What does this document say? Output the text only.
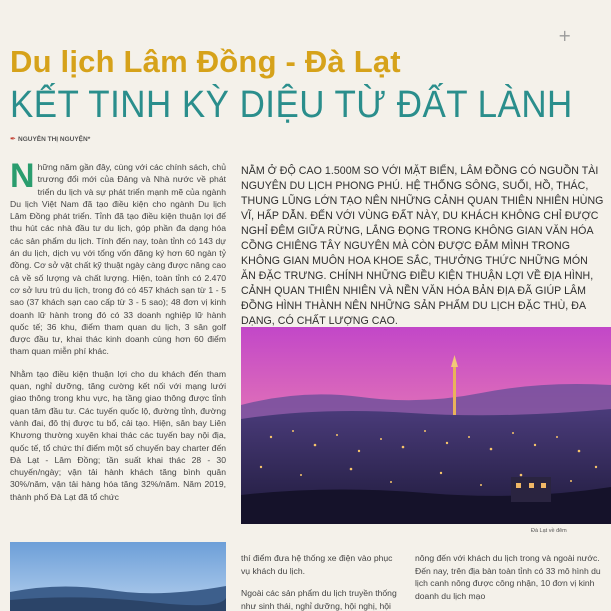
+
Du lịch Lâm Đồng - Đà Lạt
KẾT TINH KỲ DIỆU TỪ ĐẤT LÀNH
✒ NGUYỄN THỊ NGUYỆN*

Những năm gần đây, cùng với các chính sách, chủ trương đổi mới của Đảng và Nhà nước về phát triển du lịch và sự phát triển mạnh mẽ của ngành Du lịch Việt Nam đã tạo điều kiện cho ngành Du lịch Lâm Đồng phát triển. Tỉnh đã tạo điều kiện thuận lợi để thu hút các nhà đầu tư du lịch, góp phần đa dạng hóa các sản phẩm du lịch. Tính đến nay, toàn tỉnh có 143 dự án du lịch, dịch vụ với tổng vốn đăng ký hơn 60 ngàn tỷ đồng. Cơ sở vật chất kỹ thuật ngày càng được nâng cao cả về số lượng và chất lượng. Hiện, toàn tỉnh có 2.470 cơ sở lưu trú du lịch, trong đó có 457 khách sạn từ 1 - 5 sao (37 khách sạn cao cấp từ 3 - 5 sao); 48 đơn vị kinh doanh lữ hành trong đó có 33 doanh nghiệp lữ hành quốc tế; 36 khu, điểm tham quan du lịch, 3 sân golf được đầu tư, khai thác kinh doanh cùng hơn 60 điểm tham quan miễn phí khác.

Nhằm tạo điều kiện thuận lợi cho du khách đến tham quan, nghỉ dưỡng, tăng cường kết nối với mạng lưới giao thông trong khu vực, hạ tầng giao thông được tỉnh quan tâm đầu tư. Các tuyến quốc lộ, đường tỉnh, đường vành đai, đô thị được tu bổ, cải tạo. Hiện, sân bay Liên Khương thường xuyên khai thác các tuyến bay nội địa, quốc tế, tổ chức thí điểm một số chuyến bay charter đến Đà Lạt - Lâm Đồng; tần suất khai thác 28 - 30 chuyến/ngày; vận tải hành khách tăng bình quân 30%/năm, vận tải hàng hóa tăng 32%/năm. Năm 2019, thành phố Đà Lạt đã tổ chức

NẰM Ở ĐỘ CAO 1.500M SO VỚI MẶT BIỂN, LÂM ĐỒNG CÓ NGUỒN TÀI NGUYÊN DU LỊCH PHONG PHÚ. HỆ THỐNG SÔNG, SUỐI, HỒ, THÁC, THUNG LŨNG LỚN TẠO NÊN NHỮNG CẢNH QUAN THIÊN NHIÊN HÙNG VĨ, HẤP DẪN. ĐẾN VỚI VÙNG ĐẤT NÀY, DU KHÁCH KHÔNG CHỈ ĐƯỢC NGHỈ ĐÊM GIỮA RỪNG, LẮNG ĐỌNG TRONG KHÔNG GIAN VĂN HÓA CỒNG CHIÊNG TÂY NGUYÊN MÀ CÒN ĐƯỢC ĐẮM MÌNH TRONG KHÔNG GIAN MUÔN HOA KHOE SẮC, THƯỞNG THỨC NHỮNG MÓN ĂN ĐẶC TRƯNG. CHÍNH NHỮNG ĐIỀU KIỆN THUẬN LỢI VỀ ĐỊA HÌNH, CẢNH QUAN THIÊN NHIÊN VÀ NỀN VĂN HÓA BẢN ĐỊA ĐÃ GIÚP LÂM ĐỒNG HÌNH THÀNH NÊN NHỮNG SẢN PHẨM DU LỊCH ĐẶC THÙ, ĐA DẠNG, CÓ CHẤT LƯỢNG CAO.
Đà Lạt về đêm

thí điểm đưa hệ thống xe điện vào phục vụ khách du lịch.

Ngoài các sản phẩm du lịch truyền thống như sinh thái, nghỉ dưỡng, hội nghị, hội

nông đến với khách du lịch trong và ngoài nước. Đến nay, trên địa bàn toàn tỉnh có 33 mô hình du lịch canh nông được công nhận, 10 đơn vị kinh doanh du lịch mạo
